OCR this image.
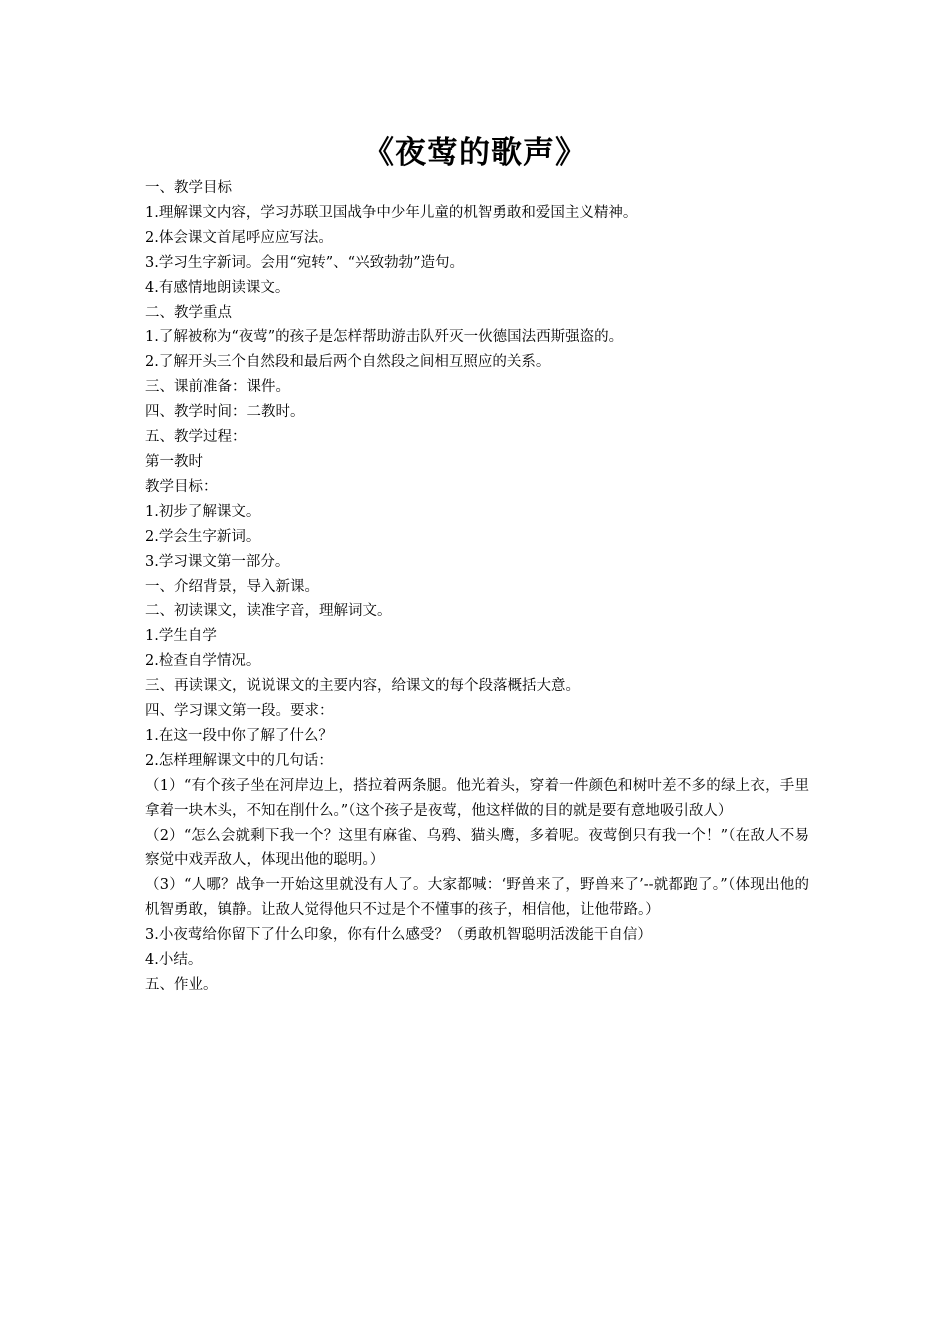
《夜莺的歌声》
一、教学目标
1.理解课文内容，学习苏联卫国战争中少年儿童的机智勇敢和爱国主义精神。
2.体会课文首尾呼应应写法。
3.学习生字新词。会用“宛转”、“兴致勃勃”造句。
4.有感情地朗读课文。
二、教学重点
1.了解被称为“夜莺”的孩子是怎样帮助游击队歼灭一伙德国法西斯强盗的。
2.了解开头三个自然段和最后两个自然段之间相互照应的关系。
三、课前准备：课件。
四、教学时间：二教时。
五、教学过程：
第一教时
教学目标：
1.初步了解课文。
2.学会生字新词。
3.学习课文第一部分。
一、介绍背景，导入新课。
二、初读课文，读准字音，理解词文。
1.学生自学
2.检查自学情况。
三、再读课文，说说课文的主要内容，给课文的每个段落概括大意。
四、学习课文第一段。要求：
1.在这一段中你了解了什么？
2.怎样理解课文中的几句话：
（1）“有个孩子坐在河岸边上，搭拉着两条腿。他光着头，穿着一件颜色和树叶差不多的绿上衣，手里拿着一块木头，不知在削什么。”（这个孩子是夜莺，他这样做的目的就是要有意地吸引敌人）
（2）“怎么会就剩下我一个？这里有麻雀、乌鸦、猫头鹰，多着呢。夜莺倒只有我一个！”（在敌人不易察觉中戏弄敌人，体现出他的聪明。）
（3）“人哪？战争一开始这里就没有人了。大家都喊：‘野兽来了，野兽来了’--就都跑了。”（体现出他的机智勇敢，镇静。让敌人觉得他只不过是个不懂事的孩子，相信他，让他带路。）
3.小夜莺给你留下了什么印象，你有什么感受？（勇敢机智聪明活泼能干自信）
4.小结。
五、作业。
